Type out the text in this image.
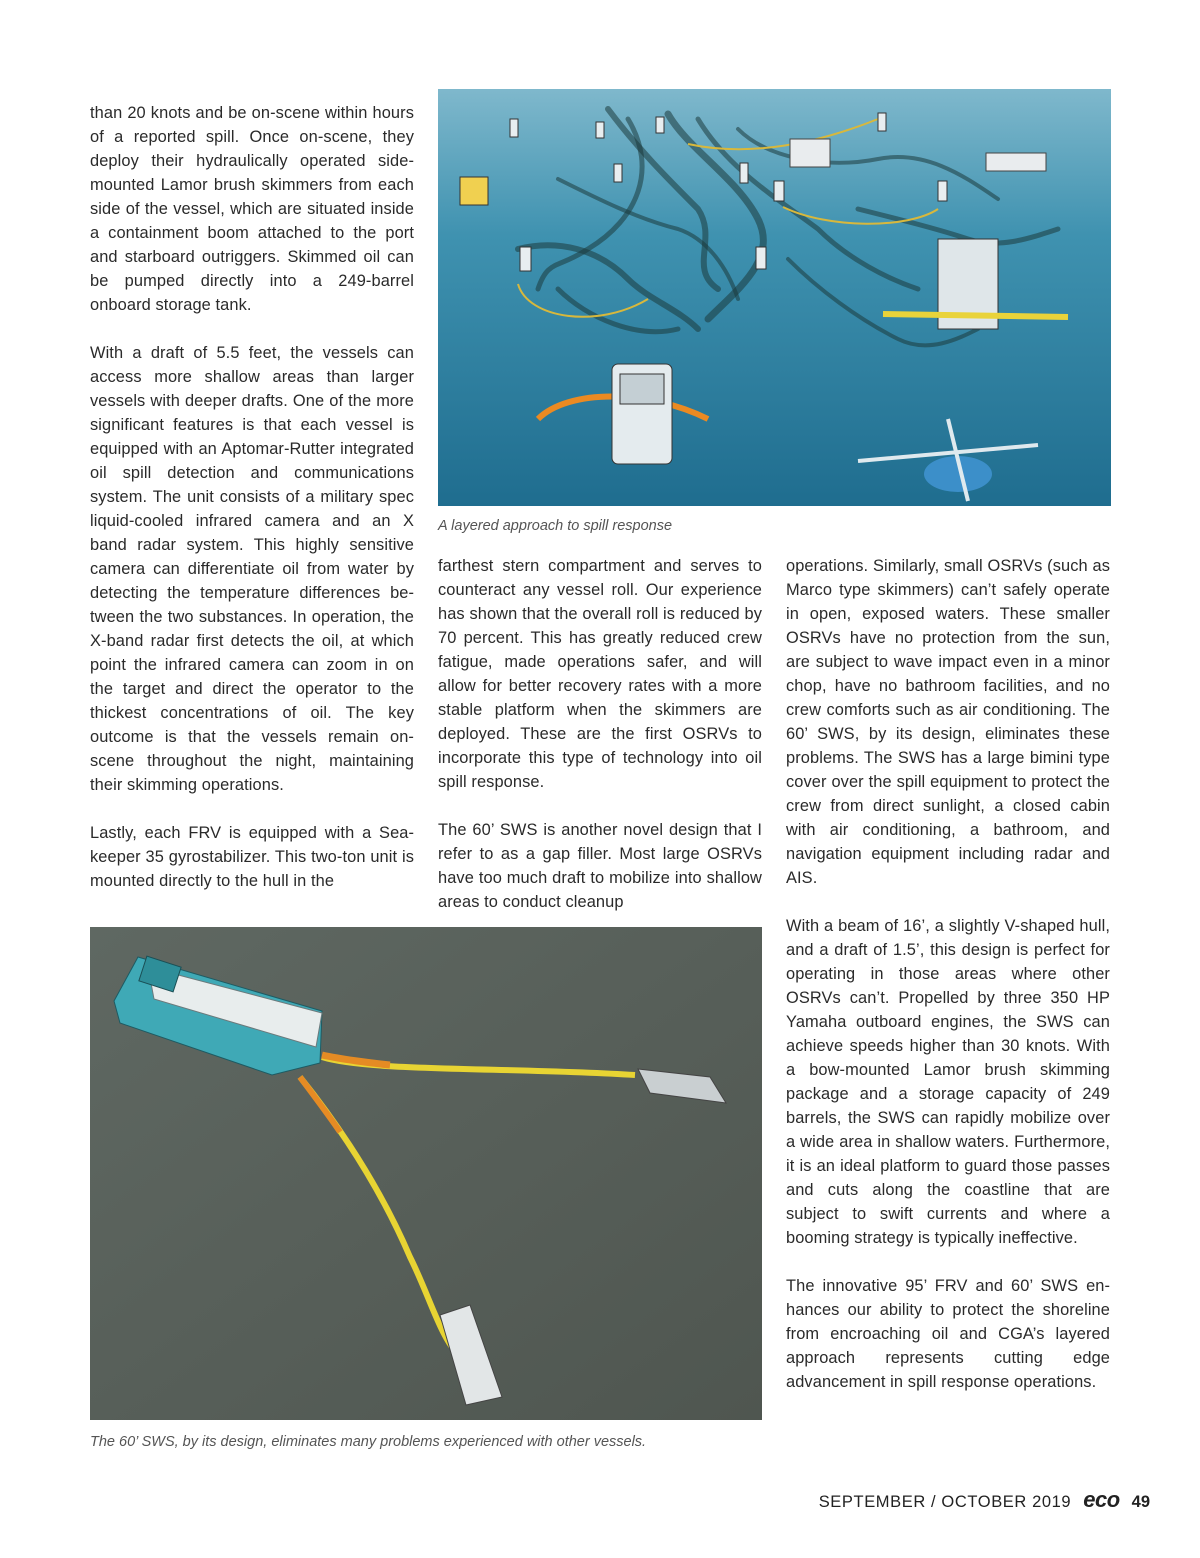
than 20 knots and be on-scene within hours of a reported spill. Once on-scene, they deploy their hydraulically operated side-mounted Lamor brush skimmers from each side of the vessel, which are situated inside a containment boom attached to the port and starboard outriggers. Skimmed oil can be pumped directly into a 249-barrel onboard storage tank.

With a draft of 5.5 feet, the vessels can access more shallow areas than larger vessels with deeper drafts. One of the more significant features is that each vessel is equipped with an Aptomar-Rutter integrated oil spill detection and communications system. The unit consists of a military spec liquid-cooled infrared camera and an X band radar system. This highly sensitive camera can differentiate oil from water by detecting the temperature differences between the two substances. In operation, the X-band radar first detects the oil, at which point the infrared camera can zoom in on the target and direct the operator to the thickest concentrations of oil. The key outcome is that the vessels remain on-scene throughout the night, maintaining their skimming operations.

Lastly, each FRV is equipped with a Seakeeper 35 gyrostabilizer. This two-ton unit is mounted directly to the hull in the

A layered approach to spill response

farthest stern compartment and serves to counteract any vessel roll. Our experience has shown that the overall roll is reduced by 70 percent. This has greatly reduced crew fatigue, made operations safer, and will allow for better recovery rates with a more stable platform when the skimmers are deployed. These are the first OSRVs to incorporate this type of technology into oil spill response.

The 60’ SWS is another novel design that I refer to as a gap filler. Most large OSRVs have too much draft to mobilize into shallow areas to conduct cleanup

operations. Similarly, small OSRVs (such as Marco type skimmers) can’t safely operate in open, exposed waters. These smaller OSRVs have no protection from the sun, are subject to wave impact even in a minor chop, have no bathroom facilities, and no crew comforts such as air conditioning. The 60’ SWS, by its design, eliminates these problems. The SWS has a large bimini type cover over the spill equipment to protect the crew from direct sunlight, a closed cabin with air conditioning, a bathroom, and navigation equipment including radar and AIS.

With a beam of 16’, a slightly V-shaped hull, and a draft of 1.5’, this design is perfect for operating in those areas where other OSRVs can’t. Propelled by three 350 HP Yamaha outboard engines, the SWS can achieve speeds higher than 30 knots. With a bow-mounted Lamor brush skimming package and a storage capacity of 249 barrels, the SWS can rapidly mobilize over a wide area in shallow waters. Furthermore, it is an ideal platform to guard those passes and cuts along the coastline that are subject to swift currents and where a booming strategy is typically ineffective.

The innovative 95’ FRV and 60’ SWS enhances our ability to protect the shoreline from encroaching oil and CGA’s layered approach represents cutting edge advancement in spill response operations.

The 60’ SWS, by its design, eliminates many problems experienced with other vessels.
SEPTEMBER / OCTOBER 2019 eco 49
